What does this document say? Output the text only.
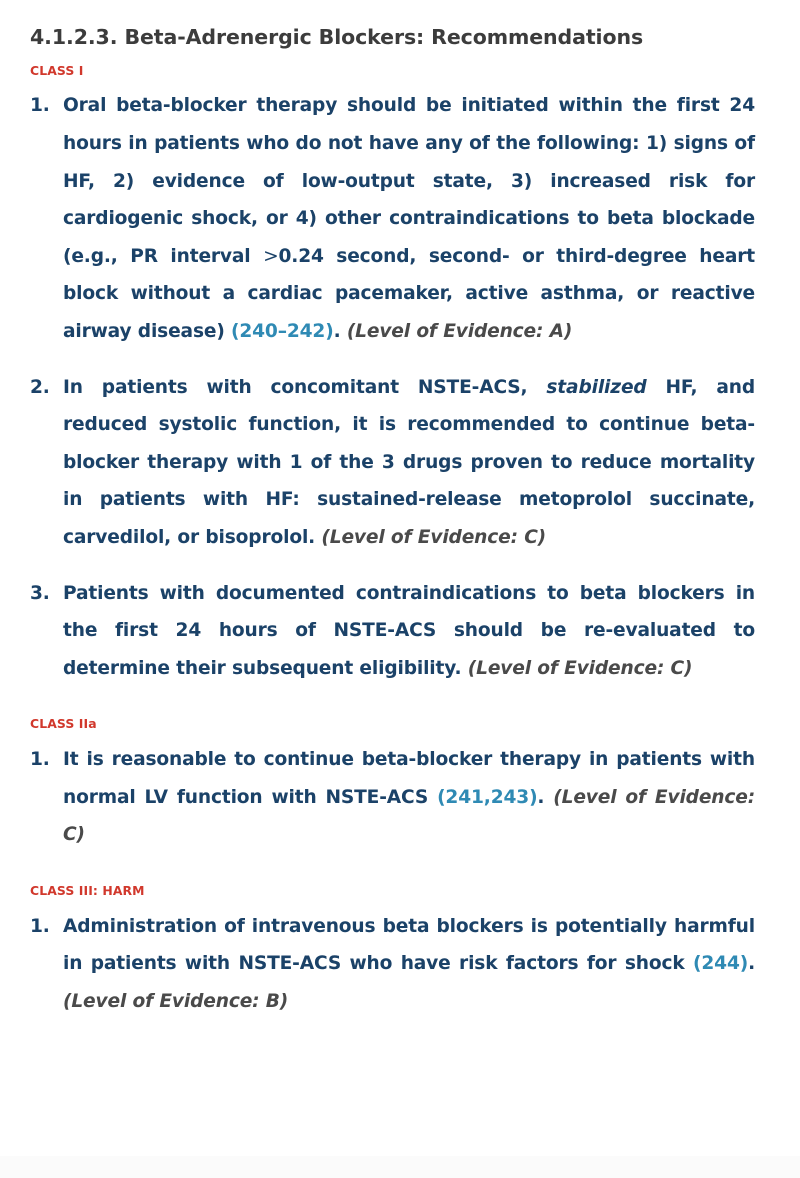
4.1.2.3. Beta-Adrenergic Blockers: Recommendations
CLASS I
1. Oral beta-blocker therapy should be initiated within the first 24 hours in patients who do not have any of the following: 1) signs of HF, 2) evidence of low-output state, 3) increased risk for cardiogenic shock, or 4) other contraindications to beta blockade (e.g., PR interval >0.24 second, second- or third-degree heart block without a cardiac pacemaker, active asthma, or reactive airway disease) (240–242). (Level of Evidence: A)
2. In patients with concomitant NSTE-ACS, stabilized HF, and reduced systolic function, it is recommended to continue beta-blocker therapy with 1 of the 3 drugs proven to reduce mortality in patients with HF: sustained-release metoprolol succinate, carvedilol, or bisoprolol. (Level of Evidence: C)
3. Patients with documented contraindications to beta blockers in the first 24 hours of NSTE-ACS should be re-evaluated to determine their subsequent eligibility. (Level of Evidence: C)
CLASS IIa
1. It is reasonable to continue beta-blocker therapy in patients with normal LV function with NSTE-ACS (241,243). (Level of Evidence: C)
CLASS III: HARM
1. Administration of intravenous beta blockers is potentially harmful in patients with NSTE-ACS who have risk factors for shock (244). (Level of Evidence: B)
